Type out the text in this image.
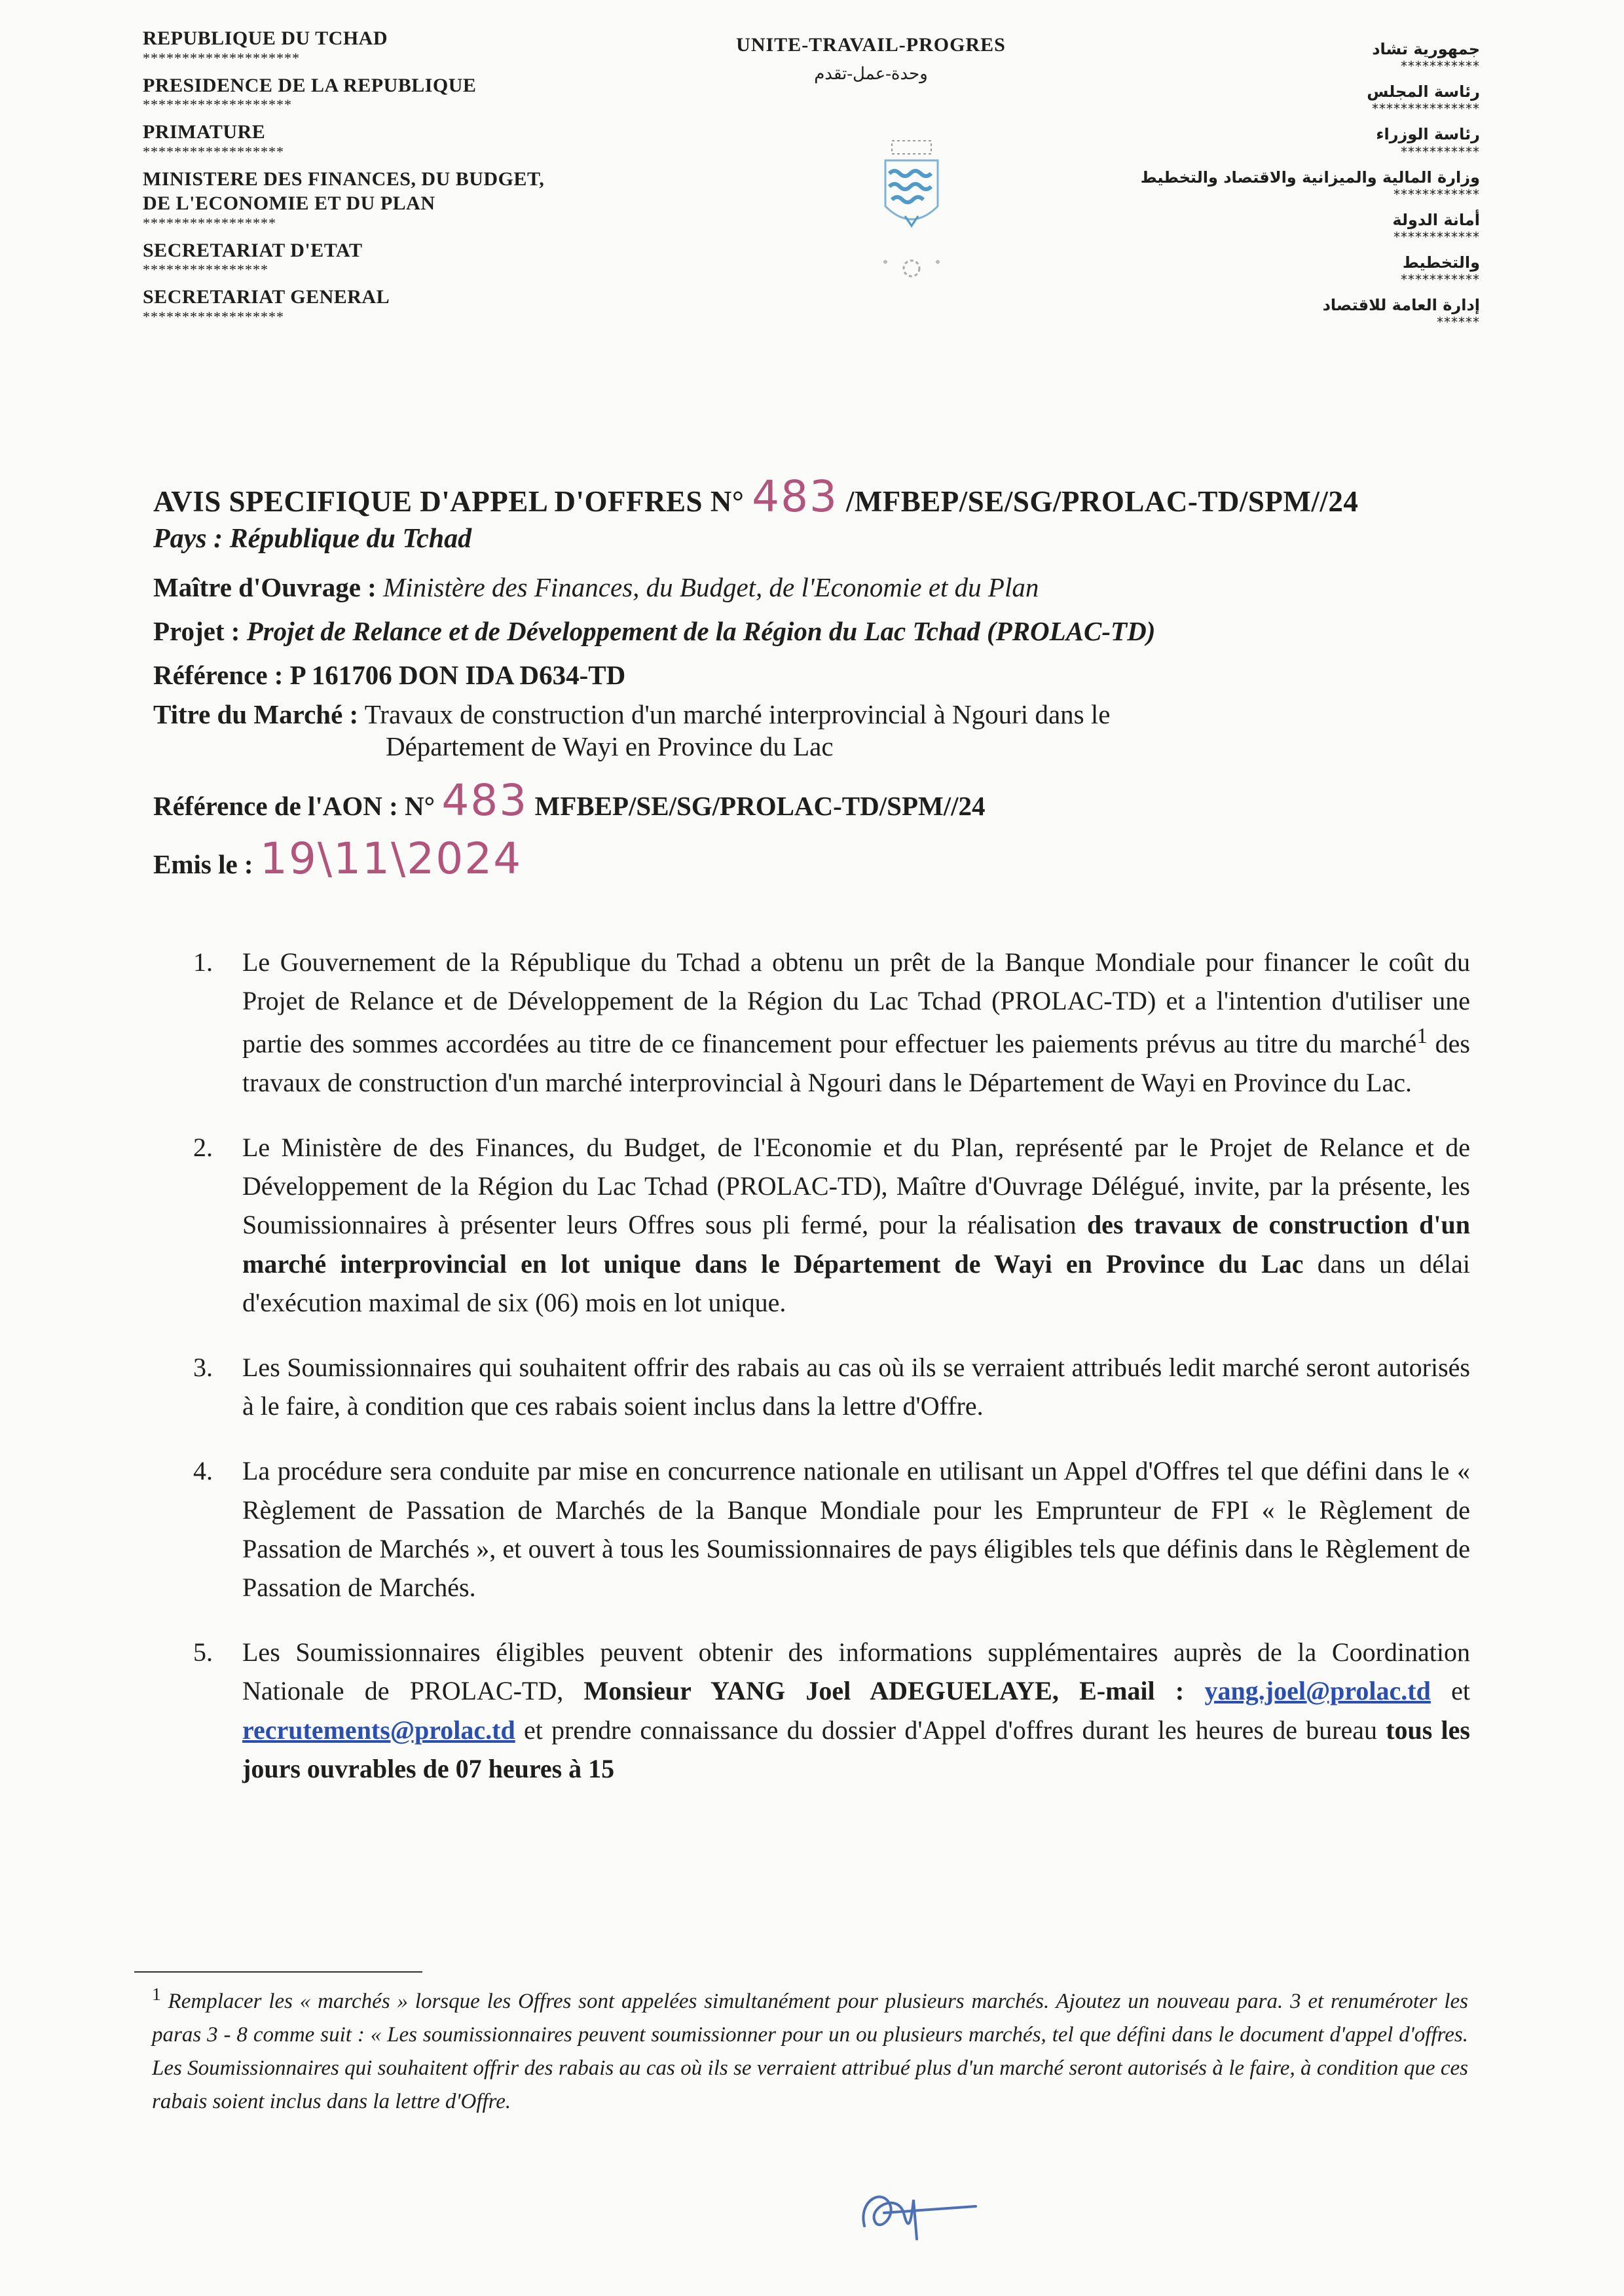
REPUBLIQUE DU TCHAD
********************
PRESIDENCE DE LA REPUBLIQUE
*******************
PRIMATURE
******************
MINISTERE DES FINANCES, DU BUDGET,
DE L'ECONOMIE ET DU PLAN
*****************
SECRETARIAT D'ETAT
****************
SECRETARIAT GENERAL
******************
UNITE-TRAVAIL-PROGRES
وحدة-عمل-تقدم
جمهورية تشاد
***********
رئاسة المجلس
***************
رئاسة الوزراء
***********
وزارة المالية والميزانية والاقتصاد والتخطيط
************
أمانة الدولة
************
والتخطيط
***********
إدارة العامة للاقتصاد
******
AVIS SPECIFIQUE D'APPEL D'OFFRES N° 483 /MFBEP/SE/SG/PROLAC-TD/SPM//24
Pays : République du Tchad
Maître d'Ouvrage : Ministère des Finances, du Budget, de l'Economie et du Plan
Projet : Projet de Relance et de Développement de la Région du Lac Tchad (PROLAC-TD)
Référence : P 161706 DON IDA D634-TD
Titre du Marché : Travaux de construction d'un marché interprovincial à Ngouri dans le
Département de Wayi en Province du Lac
Référence de l'AON : N° 483 MFBEP/SE/SG/PROLAC-TD/SPM//24
Emis le : 19\11\2024
1. Le Gouvernement de la République du Tchad a obtenu un prêt de la Banque Mondiale pour financer le coût du Projet de Relance et de Développement de la Région du Lac Tchad (PROLAC-TD) et a l'intention d'utiliser une partie des sommes accordées au titre de ce financement pour effectuer les paiements prévus au titre du marché$^1$ des travaux de construction d'un marché interprovincial à Ngouri dans le Département de Wayi en Province du Lac.
2. Le Ministère de des Finances, du Budget, de l'Economie et du Plan, représenté par le Projet de Relance et de Développement de la Région du Lac Tchad (PROLAC-TD), Maître d'Ouvrage Délégué, invite, par la présente, les Soumissionnaires à présenter leurs Offres sous pli fermé, pour la réalisation des travaux de construction d'un marché interprovincial en lot unique dans le Département de Wayi en Province du Lac dans un délai d'exécution maximal de six (06) mois en lot unique.
3. Les Soumissionnaires qui souhaitent offrir des rabais au cas où ils se verraient attribués ledit marché seront autorisés à le faire, à condition que ces rabais soient inclus dans la lettre d'Offre.
4. La procédure sera conduite par mise en concurrence nationale en utilisant un Appel d'Offres tel que défini dans le « Règlement de Passation de Marchés de la Banque Mondiale pour les Emprunteur de FPI « le Règlement de Passation de Marchés », et ouvert à tous les Soumissionnaires de pays éligibles tels que définis dans le Règlement de Passation de Marchés.
5. Les Soumissionnaires éligibles peuvent obtenir des informations supplémentaires auprès de la Coordination Nationale de PROLAC-TD, Monsieur YANG Joel ADEGUELAYE, E-mail : yang.joel@prolac.td et recrutements@prolac.td et prendre connaissance du dossier d'Appel d'offres durant les heures de bureau tous les jours ouvrables de 07 heures à 15
$^1$ Remplacer les « marchés » lorsque les Offres sont appelées simultanément pour plusieurs marchés. Ajoutez un nouveau para. 3 et renuméroter les paras 3 - 8 comme suit : « Les soumissionnaires peuvent soumissionner pour un ou plusieurs marchés, tel que défini dans le document d'appel d'offres. Les Soumissionnaires qui souhaitent offrir des rabais au cas où ils se verraient attribué plus d'un marché seront autorisés à le faire, à condition que ces rabais soient inclus dans la lettre d'Offre.
